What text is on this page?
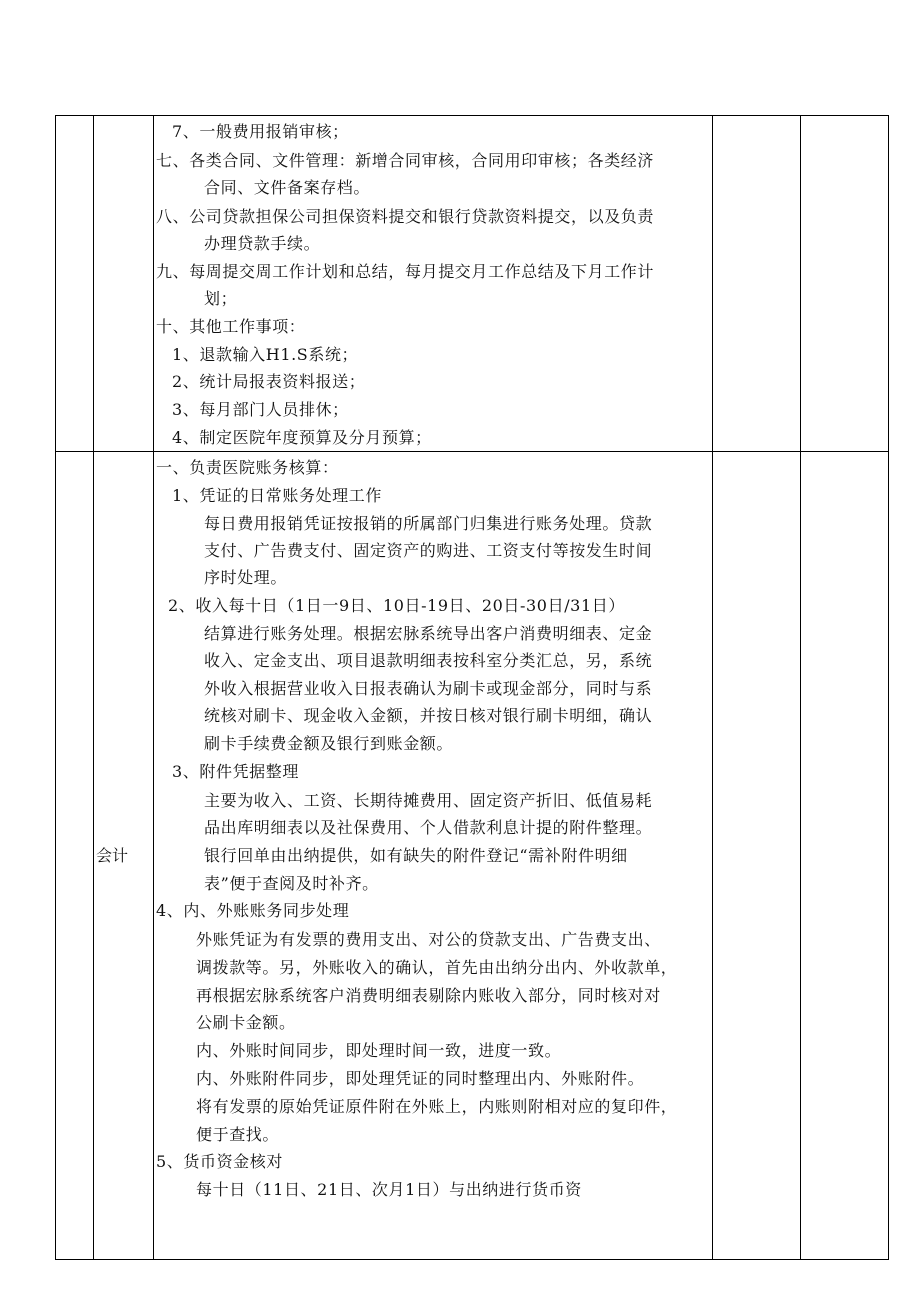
7、一般费用报销审核；
七、各类合同、文件管理：新增合同审核，合同用印审核；各类经济
合同、文件备案存档。
八、公司贷款担保公司担保资料提交和银行贷款资料提交，以及负责
办理贷款手续。
九、每周提交周工作计划和总结，每月提交月工作总结及下月工作计
划；
十、其他工作事项：
1、退款输入H1.S系统；
2、统计局报表资料报送；
3、每月部门人员排休；
4、制定医院年度预算及分月预算；
会计
一、负责医院账务核算：
1、凭证的日常账务处理工作
每日费用报销凭证按报销的所属部门归集进行账务处理。贷款
支付、广告费支付、固定资产的购进、工资支付等按发生时间
序时处理。
2、收入每十日（1日一9日、10日-19日、20日-30日/31日）
结算进行账务处理。根据宏脉系统导出客户消费明细表、定金
收入、定金支出、项目退款明细表按科室分类汇总，另，系统
外收入根据营业收入日报表确认为刷卡或现金部分，同时与系
统核对刷卡、现金收入金额，并按日核对银行刷卡明细，确认
刷卡手续费金额及银行到账金额。
3、附件凭据整理
主要为收入、工资、长期待摊费用、固定资产折旧、低值易耗
品出库明细表以及社保费用、个人借款利息计提的附件整理。
银行回单由出纳提供，如有缺失的附件登记“需补附件明细
表”便于查阅及时补齐。
4、内、外账账务同步处理
外账凭证为有发票的费用支出、对公的贷款支出、广告费支出、
调拨款等。另，外账收入的确认，首先由出纳分出内、外收款单，
再根据宏脉系统客户消费明细表剔除内账收入部分，同时核对对
公刷卡金额。
内、外账时间同步，即处理时间一致，进度一致。
内、外账附件同步，即处理凭证的同时整理出内、外账附件。
将有发票的原始凭证原件附在外账上，内账则附相对应的复印件，
便于查找。
5、货币资金核对
每十日（11日、21日、次月1日）与出纳进行货币资
